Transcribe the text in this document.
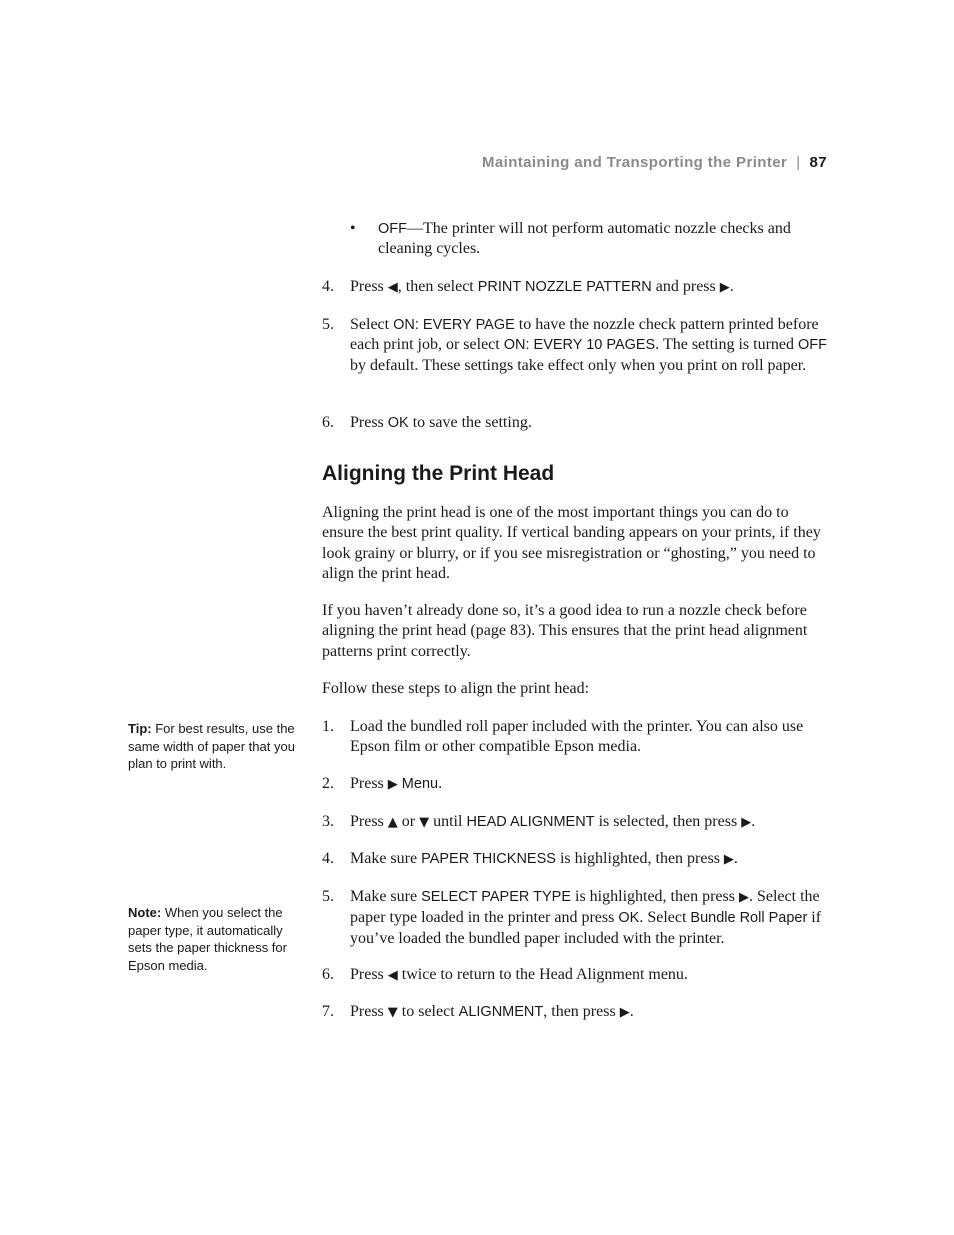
Maintaining and Transporting the Printer | 87
• OFF—The printer will not perform automatic nozzle checks and cleaning cycles.
4. Press ◀, then select PRINT NOZZLE PATTERN and press ▶.
5. Select ON: EVERY PAGE to have the nozzle check pattern printed before each print job, or select ON: EVERY 10 PAGES. The setting is turned OFF by default. These settings take effect only when you print on roll paper.
6. Press OK to save the setting.
Aligning the Print Head

Aligning the print head is one of the most important things you can do to ensure the best print quality. If vertical banding appears on your prints, if they look grainy or blurry, or if you see misregistration or “ghosting,” you need to align the print head.

If you haven’t already done so, it’s a good idea to run a nozzle check before aligning the print head (page 83). This ensures that the print head alignment patterns print correctly.

Follow these steps to align the print head:

1. Load the bundled roll paper included with the printer. You can also use Epson film or other compatible Epson media.
2. Press ▶ Menu.
3. Press ▲ or ▼ until HEAD ALIGNMENT is selected, then press ▶.
4. Make sure PAPER THICKNESS is highlighted, then press ▶.
5. Make sure SELECT PAPER TYPE is highlighted, then press ▶. Select the paper type loaded in the printer and press OK. Select Bundle Roll Paper if you’ve loaded the bundled paper included with the printer.
6. Press ◀ twice to return to the Head Alignment menu.
7. Press ▼ to select ALIGNMENT, then press ▶.
Tip: For best results, use the same width of paper that you plan to print with.
Note: When you select the paper type, it automatically sets the paper thickness for Epson media.
